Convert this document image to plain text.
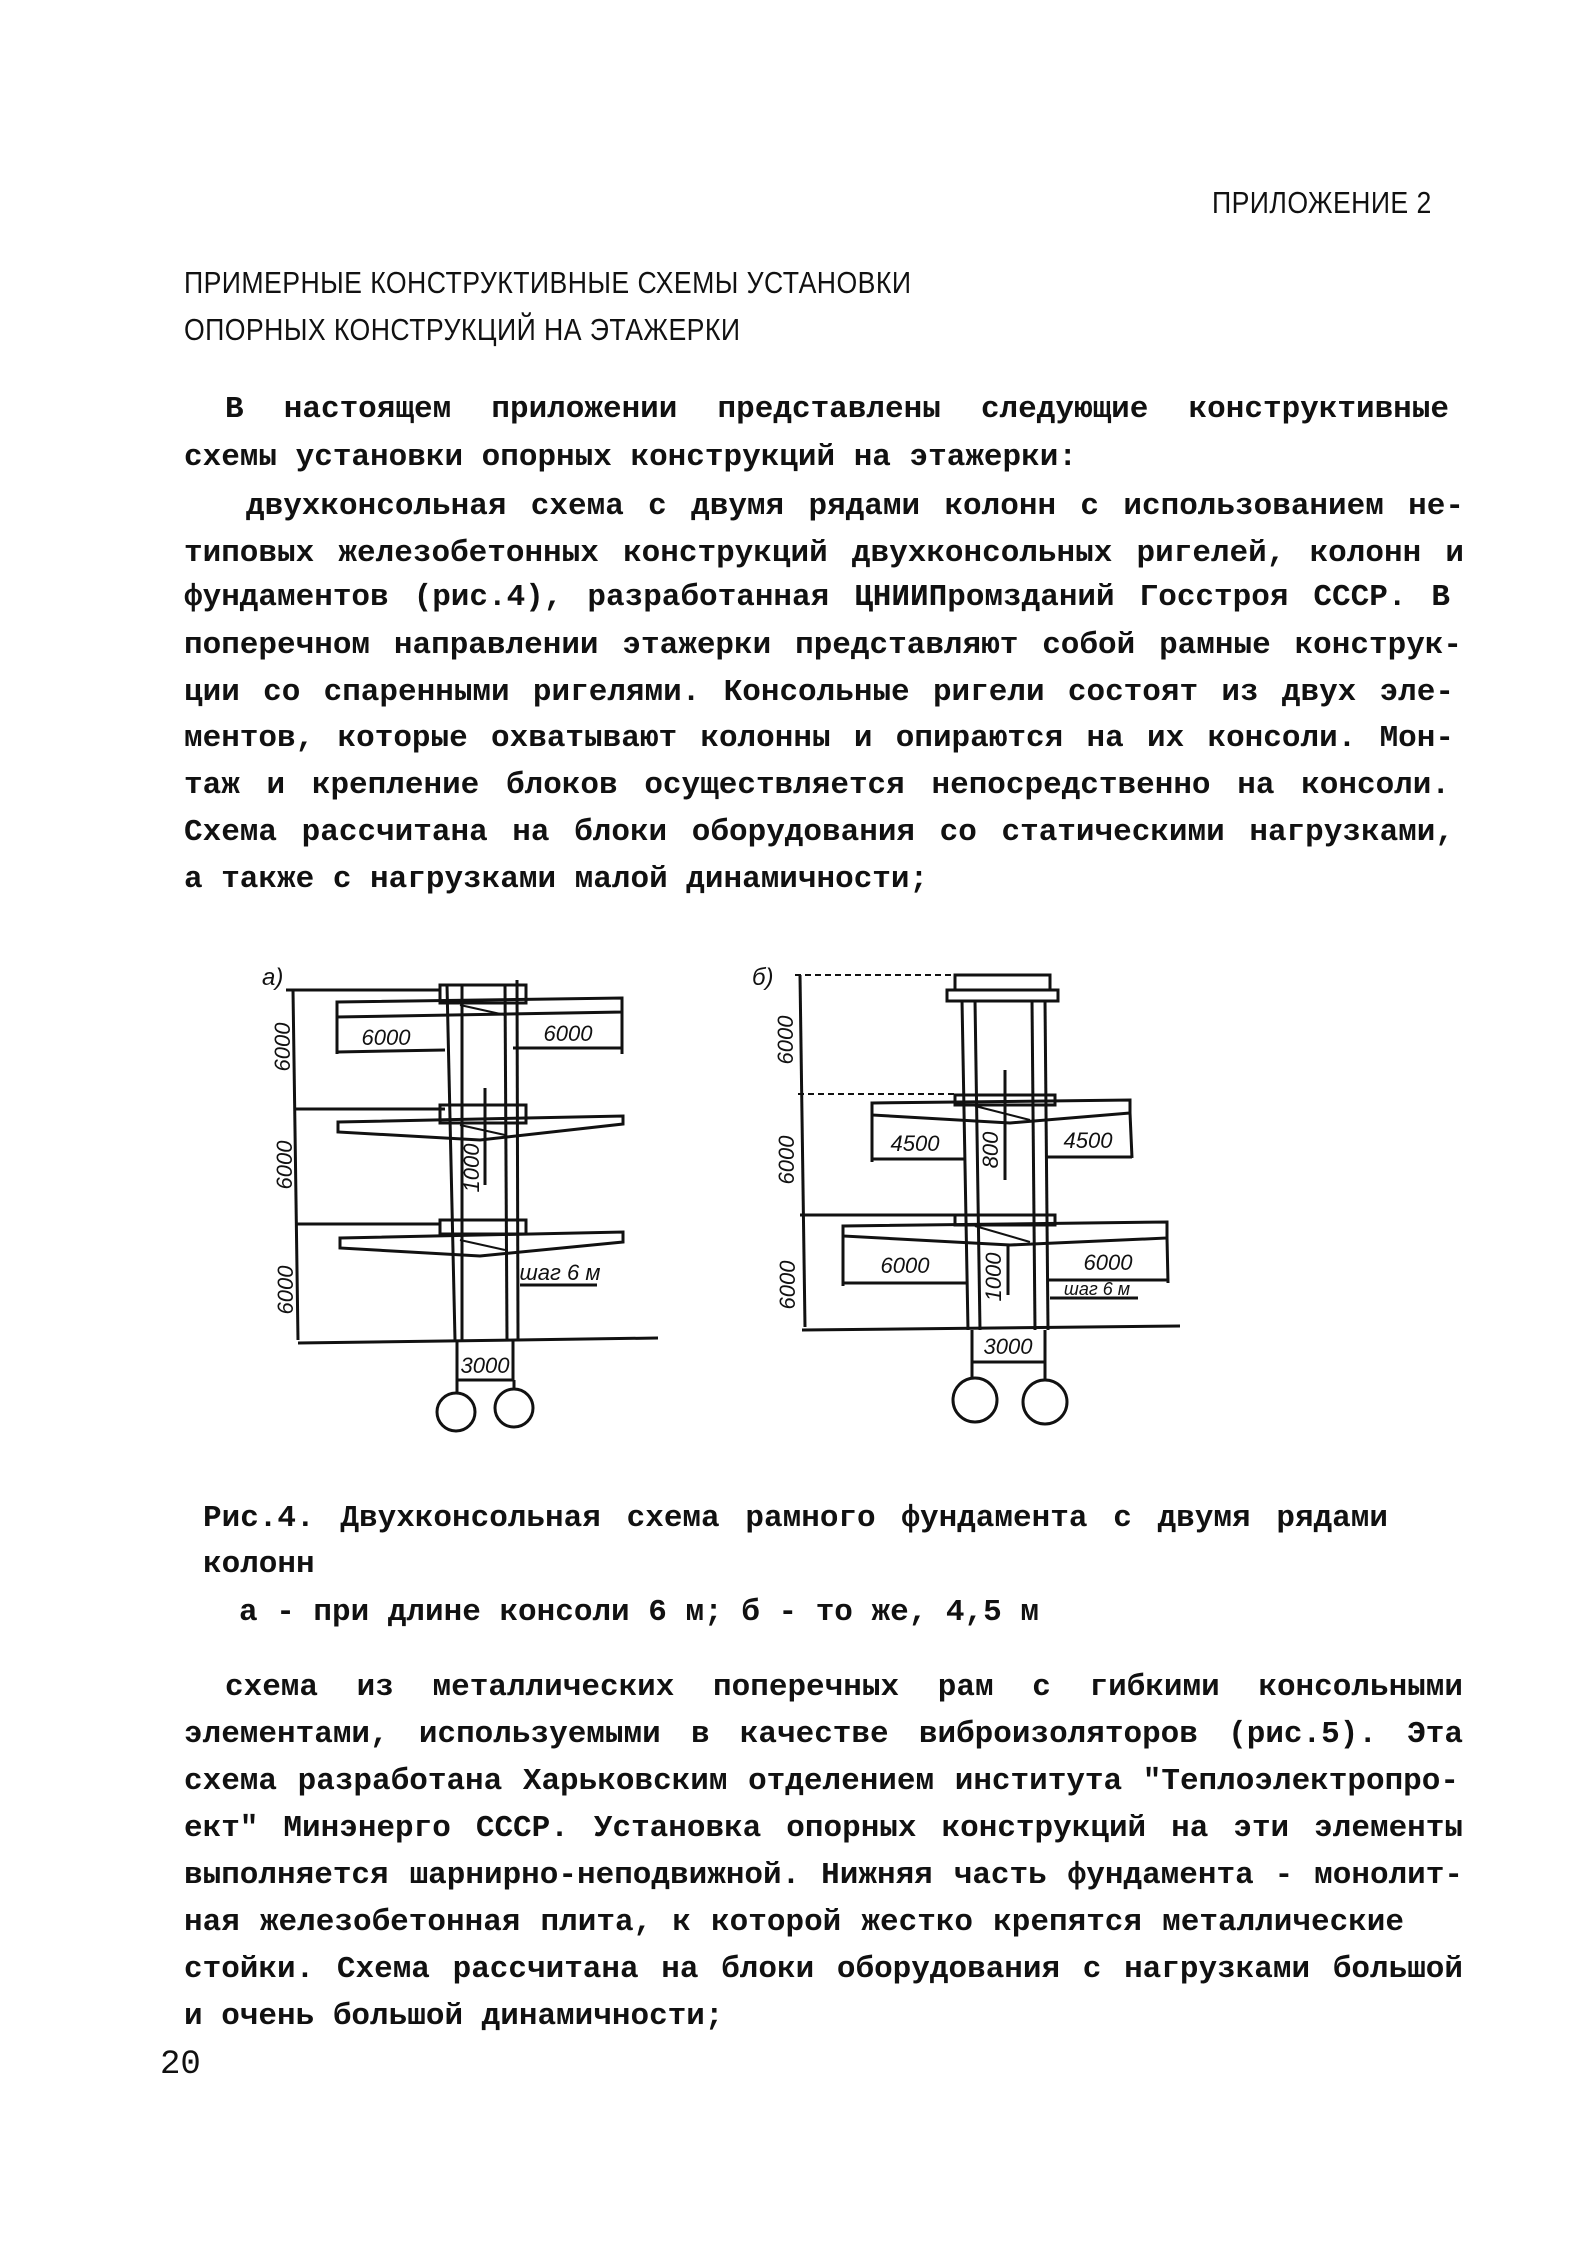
ПРИЛОЖЕНИЕ 2
ПРИМЕРНЫЕ КОНСТРУКТИВНЫЕ СХЕМЫ УСТАНОВКИ
ОПОРНЫХ КОНСТРУКЦИЙ НА ЭТАЖЕРКИ
В настоящем приложении представлены следующие конструктивные
схемы установки опорных конструкций на этажерки:
двухконсольная схема с двумя рядами колонн с использованием не-
типовых железобетонных конструкций двухконсольных ригелей, колонн и
фундаментов (рис.4), разработанная ЦНИИПромзданий Госстроя СССР. В
поперечном направлении этажерки представляют собой рамные конструк-
ции со спаренными ригелями. Консольные ригели состоят из двух эле-
ментов, которые охватывают колонны и опираются на их консоли. Мон-
таж и крепление блоков осуществляется непосредственно на консоли.
Схема рассчитана на блоки оборудования со статическими нагрузками,
а также с нагрузками малой динамичности;
а)
6000
6000
6000
6000	6000
1000
шаг 6 м
3000
б)
6000
6000
6000
4500	4500
800
6000	6000
1000	шаг 6 м
3000
Рис.4. Двухконсольная схема рамного фундамента с двумя рядами
колонн
а - при длине консоли 6 м; б - то же, 4,5 м
схема из металлических поперечных рам с гибкими консольными
элементами, используемыми в качестве виброизоляторов (рис.5). Эта
схема разработана Харьковским отделением института "Теплоэлектропро-
ект" Минэнерго СССР. Установка опорных конструкций на эти элементы
выполняется шарнирно-неподвижной. Нижняя часть фундамента - монолит-
ная железобетонная плита, к которой жестко крепятся металлические
стойки. Схема рассчитана на блоки оборудования с нагрузками большой
и очень большой динамичности;
20
